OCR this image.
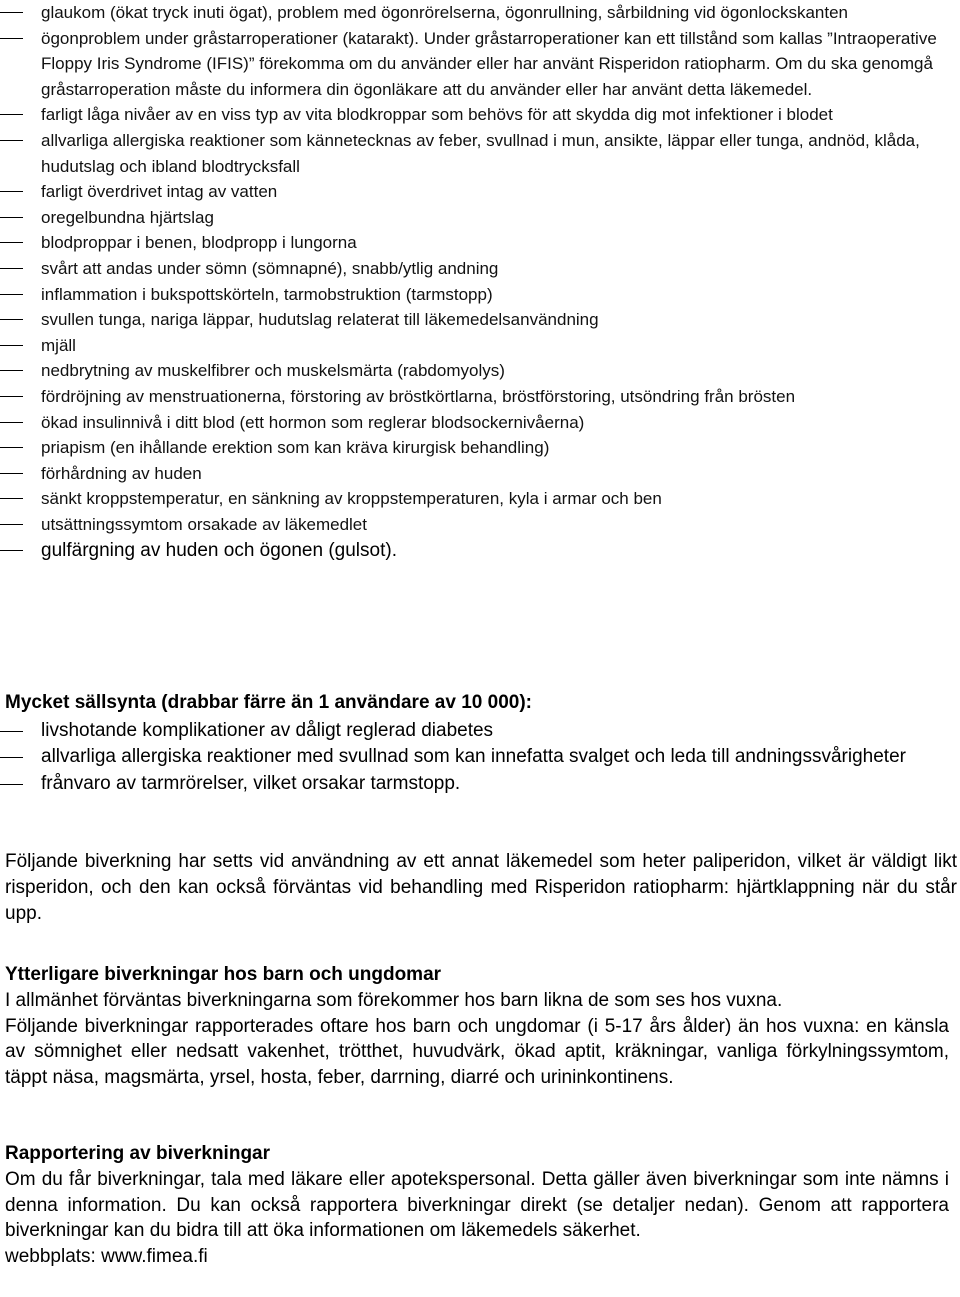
glaukom (ökat tryck inuti ögat), problem med ögonrörelserna, ögonrullning, sårbildning vid ögonlockskanten
ögonproblem under gråstarroperationer (katarakt). Under gråstarroperationer kan ett tillstånd som kallas ”Intraoperative Floppy Iris Syndrome (IFIS)” förekomma om du använder eller har använt Risperidon ratiopharm. Om du ska genomgå gråstarroperation måste du informera din ögonläkare att du använder eller har använt detta läkemedel.
farligt låga nivåer av en viss typ av vita blodkroppar som behövs för att skydda dig mot infektioner i blodet
allvarliga allergiska reaktioner som kännetecknas av feber, svullnad i mun, ansikte, läppar eller tunga, andnöd, klåda, hudutslag och ibland blodtrycksfall
farligt överdrivet intag av vatten
oregelbundna hjärtslag
blodproppar i benen, blodpropp i lungorna
svårt att andas under sömn (sömnapné), snabb/ytlig andning
inflammation i bukspottskörteln, tarmobstruktion (tarmstopp)
svullen tunga, nariga läppar, hudutslag relaterat till läkemedelsanvändning
mjäll
nedbrytning av muskelfibrer och muskelsmärta (rabdomyolys)
fördröjning av menstruationerna, förstoring av bröstkörtlarna, bröstförstoring, utsöndring från brösten
ökad insulinnivå i ditt blod (ett hormon som reglerar blodsockernivåerna)
priapism (en ihållande erektion som kan kräva kirurgisk behandling)
förhårdning av huden
sänkt kroppstemperatur, en sänkning av kroppstemperaturen, kyla i armar och ben
utsättningssymtom orsakade av läkemedlet
gulfärgning av huden och ögonen (gulsot).
Mycket sällsynta (drabbar färre än 1 användare av 10 000):
livshotande komplikationer av dåligt reglerad diabetes
allvarliga allergiska reaktioner med svullnad som kan innefatta svalget och leda till andningssvårigheter
frånvaro av tarmrörelser, vilket orsakar tarmstopp.

Följande biverkning har setts vid användning av ett annat läkemedel som heter paliperidon, vilket är väldigt likt risperidon, och den kan också förväntas vid behandling med Risperidon ratiopharm: hjärtklappning när du står upp.

Ytterligare biverkningar hos barn och ungdomar

I allmänhet förväntas biverkningarna som förekommer hos barn likna de som ses hos vuxna.

Följande biverkningar rapporterades oftare hos barn och ungdomar (i 5-17 års ålder) än hos vuxna: en känsla av sömnighet eller nedsatt vakenhet, trötthet, huvudvärk, ökad aptit, kräkningar, vanliga förkylningssymtom, täppt näsa, magsmärta, yrsel, hosta, feber, darrning, diarré och urininkontinens.

Rapportering av biverkningar

Om du får biverkningar, tala med läkare eller apotekspersonal. Detta gäller även biverkningar som inte nämns i denna information. Du kan också rapportera biverkningar direkt (se detaljer nedan). Genom att rapportera biverkningar kan du bidra till att öka informationen om läkemedels säkerhet.

webbplats: www.fimea.fi
